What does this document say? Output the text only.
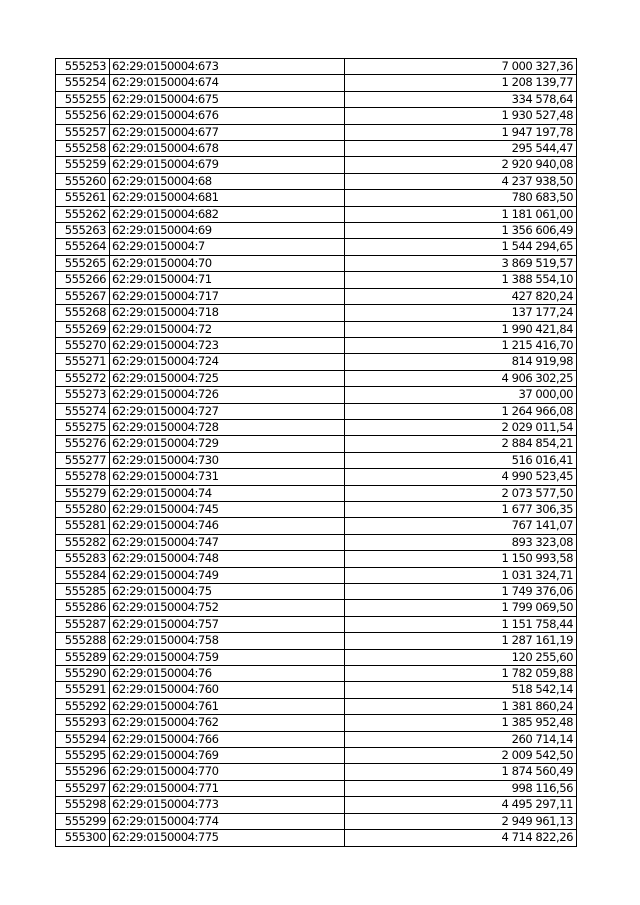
555253	62:29:0150004:673	7 000 327,36
555254	62:29:0150004:674	1 208 139,77
555255	62:29:0150004:675	334 578,64
555256	62:29:0150004:676	1 930 527,48
555257	62:29:0150004:677	1 947 197,78
555258	62:29:0150004:678	295 544,47
555259	62:29:0150004:679	2 920 940,08
555260	62:29:0150004:68	4 237 938,50
555261	62:29:0150004:681	780 683,50
555262	62:29:0150004:682	1 181 061,00
555263	62:29:0150004:69	1 356 606,49
555264	62:29:0150004:7	1 544 294,65
555265	62:29:0150004:70	3 869 519,57
555266	62:29:0150004:71	1 388 554,10
555267	62:29:0150004:717	427 820,24
555268	62:29:0150004:718	137 177,24
555269	62:29:0150004:72	1 990 421,84
555270	62:29:0150004:723	1 215 416,70
555271	62:29:0150004:724	814 919,98
555272	62:29:0150004:725	4 906 302,25
555273	62:29:0150004:726	37 000,00
555274	62:29:0150004:727	1 264 966,08
555275	62:29:0150004:728	2 029 011,54
555276	62:29:0150004:729	2 884 854,21
555277	62:29:0150004:730	516 016,41
555278	62:29:0150004:731	4 990 523,45
555279	62:29:0150004:74	2 073 577,50
555280	62:29:0150004:745	1 677 306,35
555281	62:29:0150004:746	767 141,07
555282	62:29:0150004:747	893 323,08
555283	62:29:0150004:748	1 150 993,58
555284	62:29:0150004:749	1 031 324,71
555285	62:29:0150004:75	1 749 376,06
555286	62:29:0150004:752	1 799 069,50
555287	62:29:0150004:757	1 151 758,44
555288	62:29:0150004:758	1 287 161,19
555289	62:29:0150004:759	120 255,60
555290	62:29:0150004:76	1 782 059,88
555291	62:29:0150004:760	518 542,14
555292	62:29:0150004:761	1 381 860,24
555293	62:29:0150004:762	1 385 952,48
555294	62:29:0150004:766	260 714,14
555295	62:29:0150004:769	2 009 542,50
555296	62:29:0150004:770	1 874 560,49
555297	62:29:0150004:771	998 116,56
555298	62:29:0150004:773	4 495 297,11
555299	62:29:0150004:774	2 949 961,13
555300	62:29:0150004:775	4 714 822,26
